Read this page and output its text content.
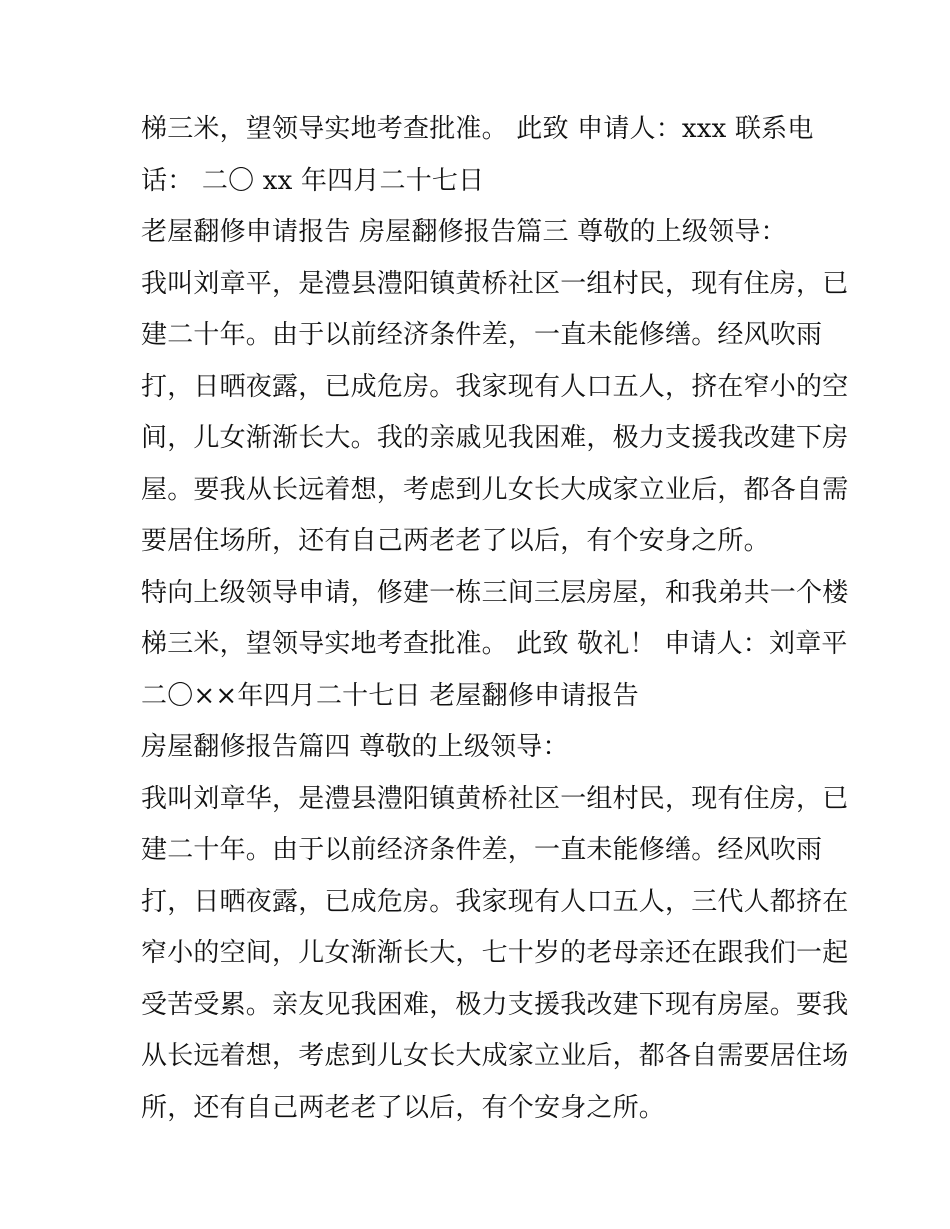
梯三米，望领导实地考查批准。 此致 申请人：xxx 联系电
话： 二〇 xx 年四月二十七日
老屋翻修申请报告 房屋翻修报告篇三 尊敬的上级领导：
我叫刘章平，是澧县澧阳镇黄桥社区一组村民，现有住房，已
建二十年。由于以前经济条件差，一直未能修缮。经风吹雨
打，日晒夜露，已成危房。我家现有人口五人，挤在窄小的空
间，儿女渐渐长大。我的亲戚见我困难，极力支援我改建下房
屋。要我从长远着想，考虑到儿女长大成家立业后，都各自需
要居住场所，还有自己两老老了以后，有个安身之所。
特向上级领导申请，修建一栋三间三层房屋，和我弟共一个楼
梯三米，望领导实地考查批准。 此致 敬礼！ 申请人：刘章平
二〇××年四月二十七日 老屋翻修申请报告
房屋翻修报告篇四 尊敬的上级领导：
我叫刘章华，是澧县澧阳镇黄桥社区一组村民，现有住房，已
建二十年。由于以前经济条件差，一直未能修缮。经风吹雨
打，日晒夜露，已成危房。我家现有人口五人，三代人都挤在
窄小的空间，儿女渐渐长大，七十岁的老母亲还在跟我们一起
受苦受累。亲友见我困难，极力支援我改建下现有房屋。要我
从长远着想，考虑到儿女长大成家立业后，都各自需要居住场
所，还有自己两老老了以后，有个安身之所。
